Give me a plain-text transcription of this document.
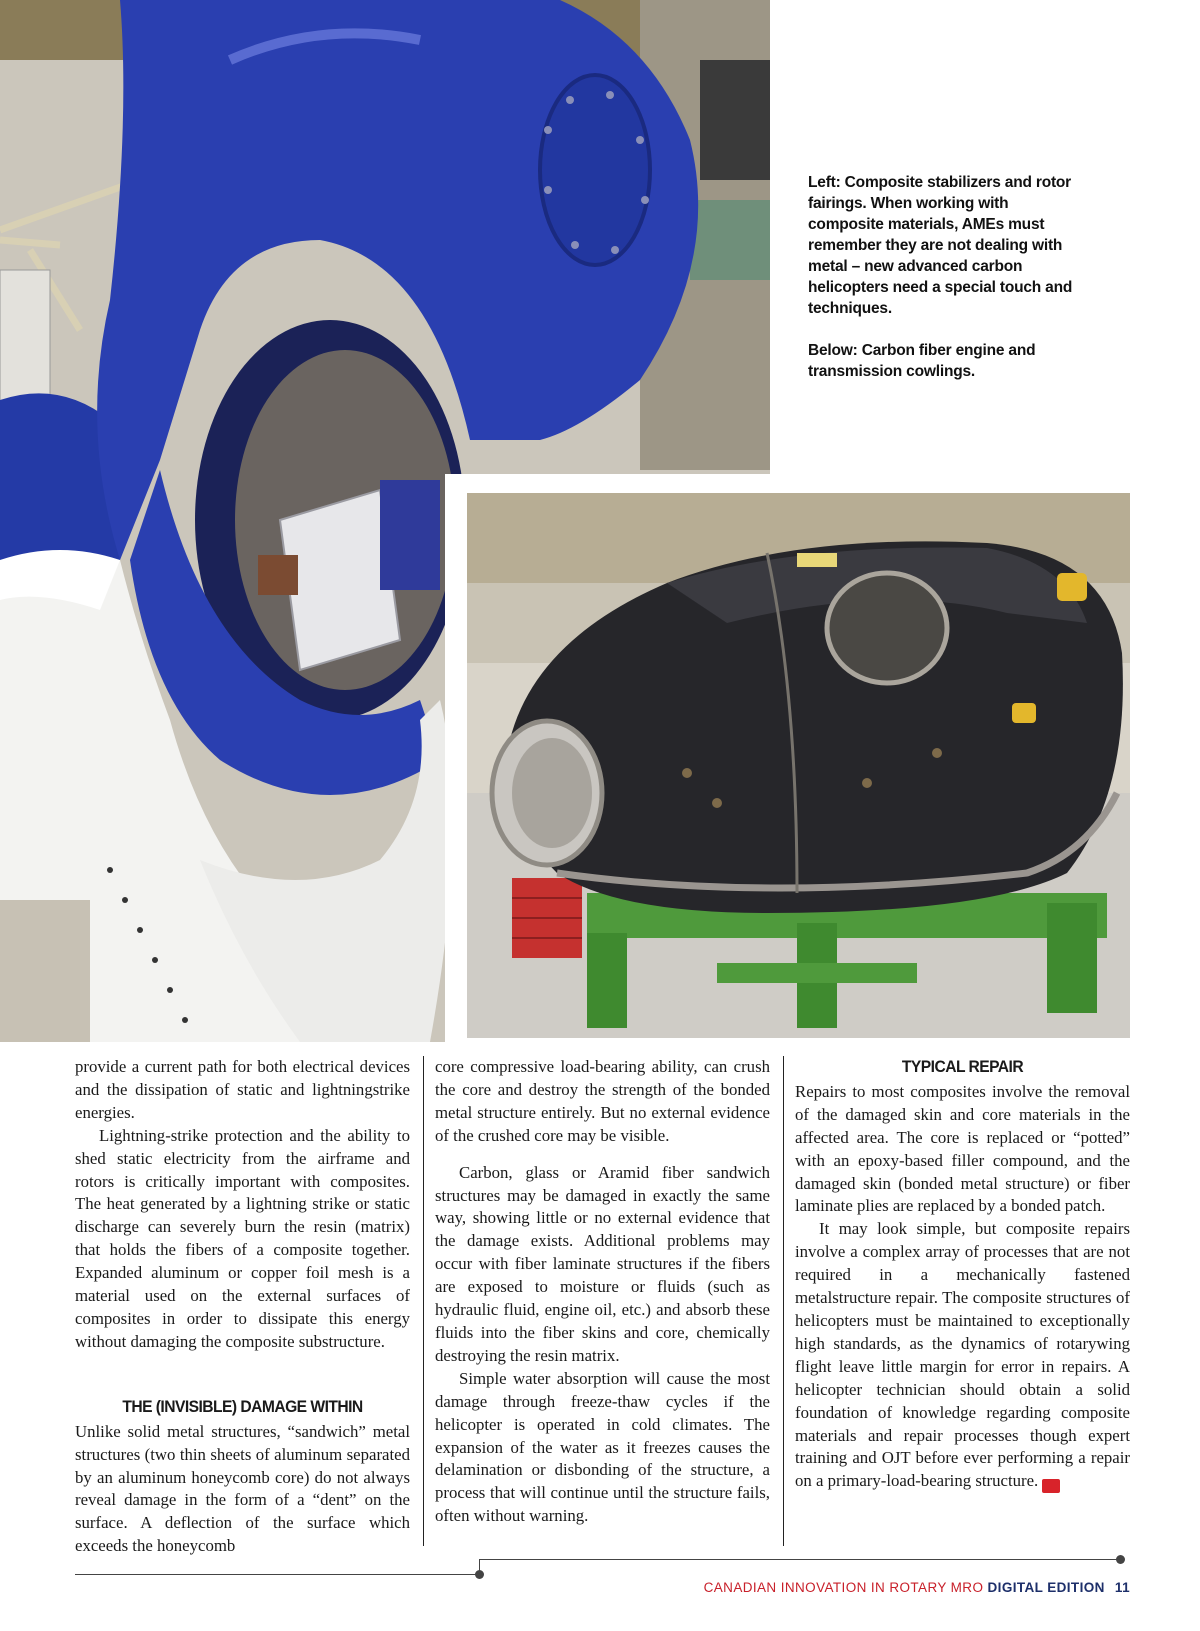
Left: Composite stabilizers and rotor fairings. When working with composite materials, AMEs must remember they are not dealing with metal – new advanced carbon helicopters need a special touch and techniques.

Below: Carbon fiber engine and transmission cowlings.

provide a current path for both electrical devices and the dissipation of static and lightningstrike energies.

Lightning-strike protection and the ability to shed static electricity from the airframe and rotors is critically important with composites. The heat generated by a lightning strike or static discharge can severely burn the resin (matrix) that holds the fibers of a composite together. Expanded aluminum or copper foil mesh is a material used on the external surfaces of composites in order to dissipate this energy without damaging the composite substructure.

THE (INVISIBLE) DAMAGE WITHIN

Unlike solid metal structures, “sandwich” metal structures (two thin sheets of aluminum separated by an aluminum honeycomb core) do not always reveal damage in the form of a “dent” on the surface. A deflection of the surface which exceeds the honeycomb

core compressive load-bearing ability, can crush the core and destroy the strength of the bonded metal structure entirely. But no external evidence of the crushed core may be visible.

Carbon, glass or Aramid fiber sandwich structures may be damaged in exactly the same way, showing little or no external evidence that the damage exists. Additional problems may occur with fiber laminate structures if the fibers are exposed to moisture or fluids (such as hydraulic fluid, engine oil, etc.) and absorb these fluids into the fiber skins and core, chemically destroying the resin matrix.

Simple water absorption will cause the most damage through freeze-thaw cycles if the helicopter is operated in cold climates. The expansion of the water as it freezes causes the delamination or disbonding of the structure, a process that will continue until the structure fails, often without warning.

TYPICAL REPAIR

Repairs to most composites involve the removal of the damaged skin and core materials in the affected area. The core is replaced or “potted” with an epoxy-based filler compound, and the damaged skin (bonded metal structure) or fiber laminate plies are replaced by a bonded patch.

It may look simple, but composite repairs involve a complex array of processes that are not required in a mechanically fastened metalstructure repair. The composite structures of helicopters must be maintained to exceptionally high standards, as the dynamics of rotarywing flight leave little margin for error in repairs. A helicopter technician should obtain a solid foundation of knowledge regarding composite materials and repair processes though expert training and OJT before ever performing a repair on a primary-load-bearing structure.	✦

CANADIAN INNOVATION IN ROTARY MRO DIGITAL EDITION 11
